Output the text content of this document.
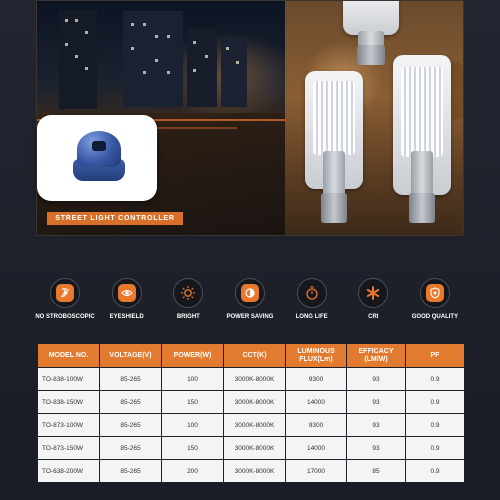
STREET LIGHT CONTROLLER
NO STROBOSCOPIC EYESHIELD	BRIGHT	POWER SAVING	LONG LIFE	CRI	GOOD QUALITY
MODEL NO.	VOLTAGE(V)	POWER(W)	CCT(K)	LUMINOUS FLUX(Lm)	EFFICACY (LM/W)	PF
TO-838-100W	85-265	100	3000K-8000K	9300	93	0.9
TO-838-150W	85-265	150	3000K-8000K	14000	93	0.9
TO-873-100W	85-265	100	3000K-8000K	9300	93	0.9
TO-873-150W	85-265	150	3000K-8000K	14000	93	0.9
TO-638-200W	85-265	200	3000K-8000K	17000	85	0.9
